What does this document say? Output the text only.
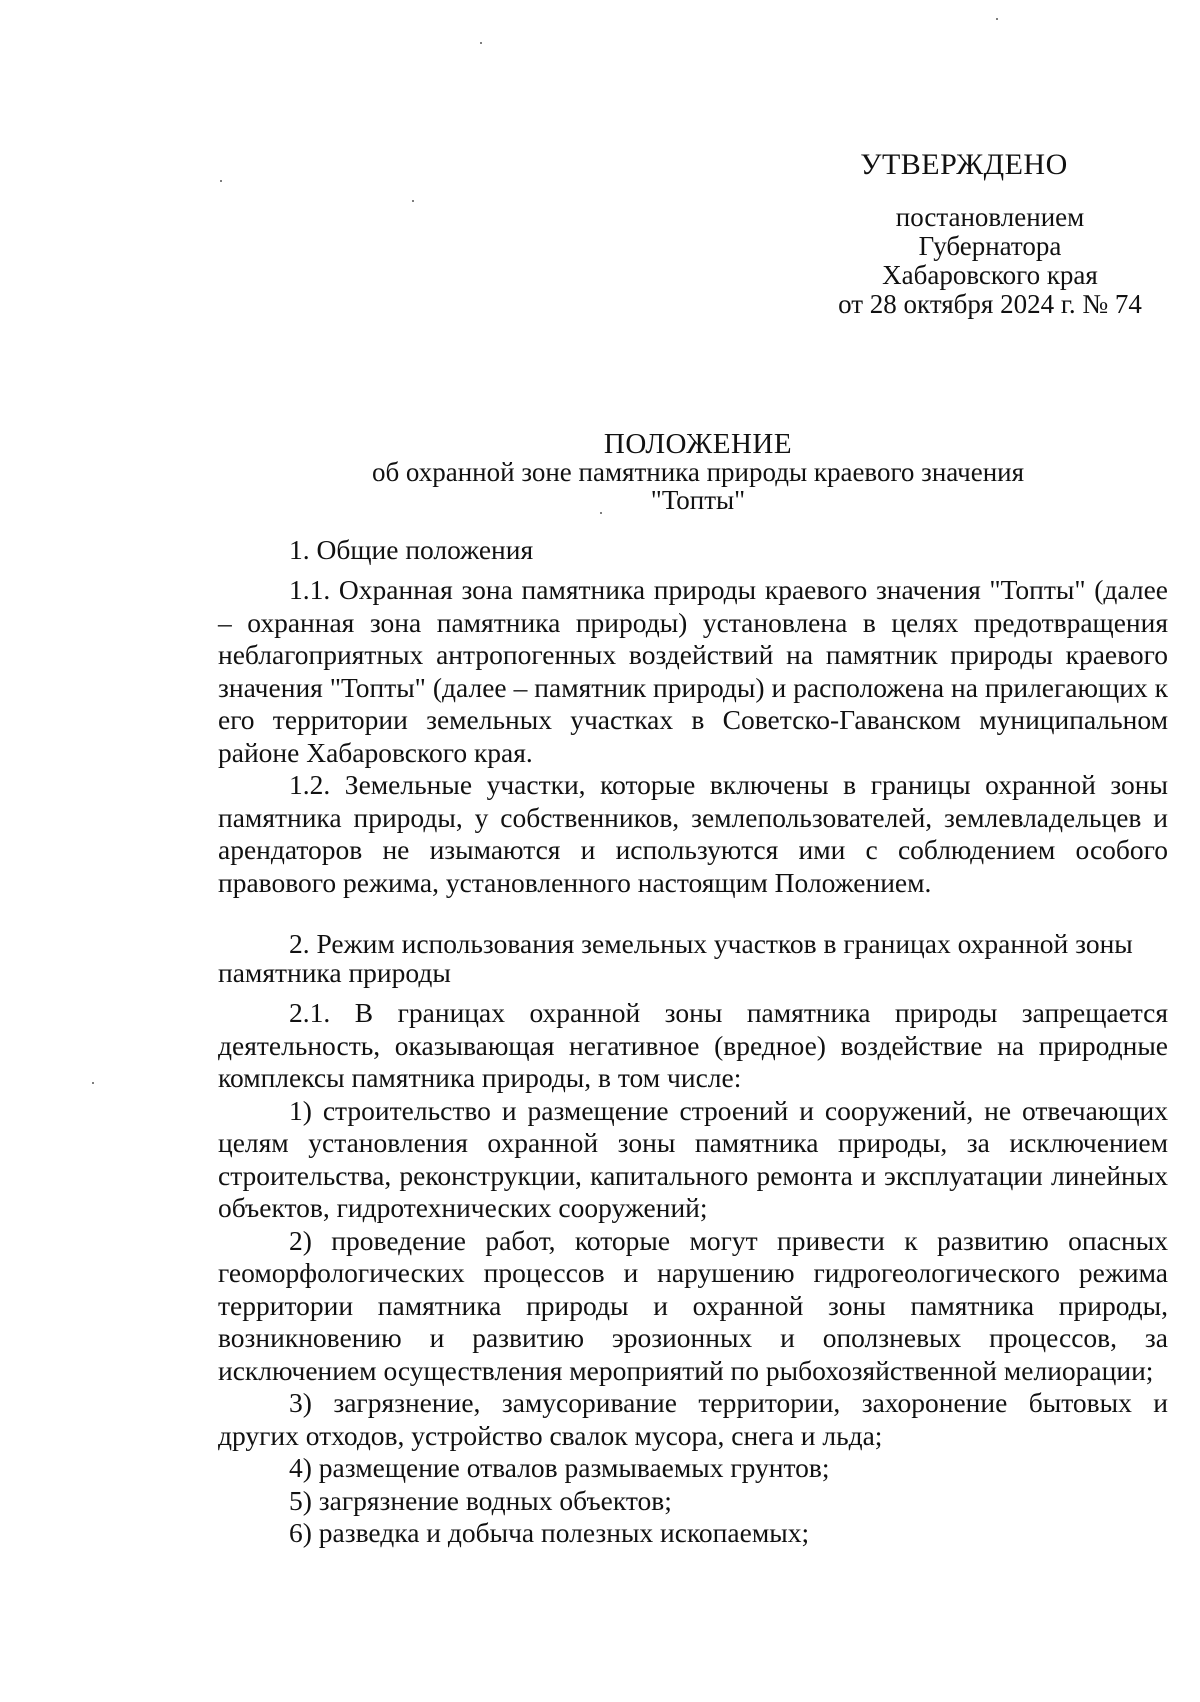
УТВЕРЖДЕНО
постановлением
Губернатора
Хабаровского края
от 28 октября 2024 г. № 74
ПОЛОЖЕНИЕ
об охранной зоне памятника природы краевого значения
"Топты"
1. Общие положения

1.1. Охранная зона памятника природы краевого значения "Топты" (далее – охранная зона памятника природы) установлена в целях предотвращения неблагоприятных антропогенных воздействий на памятник природы краевого значения "Топты" (далее – памятник природы) и расположена на прилегающих к его территории земельных участках в Советско-Гаванском муниципальном районе Хабаровского края.

1.2. Земельные участки, которые включены в границы охранной зоны памятника природы, у собственников, землепользователей, землевладельцев и арендаторов не изымаются и используются ими с соблюдением особого правового режима, установленного настоящим Положением.

2. Режим использования земельных участков в границах охранной зоны
памятника природы

2.1. В границах охранной зоны памятника природы запрещается деятельность, оказывающая негативное (вредное) воздействие на природные комплексы памятника природы, в том числе:

1) строительство и размещение строений и сооружений, не отвечающих целям установления охранной зоны памятника природы, за исключением строительства, реконструкции, капитального ремонта и эксплуатации линейных объектов, гидротехнических сооружений;

2) проведение работ, которые могут привести к развитию опасных геоморфологических процессов и нарушению гидрогеологического режима территории памятника природы и охранной зоны памятника природы, возникновению и развитию эрозионных и оползневых процессов, за исключением осуществления мероприятий по рыбохозяйственной мелиорации;

3) загрязнение, замусоривание территории, захоронение бытовых и других отходов, устройство свалок мусора, снега и льда;

4) размещение отвалов размываемых грунтов;

5) загрязнение водных объектов;

6) разведка и добыча полезных ископаемых;
